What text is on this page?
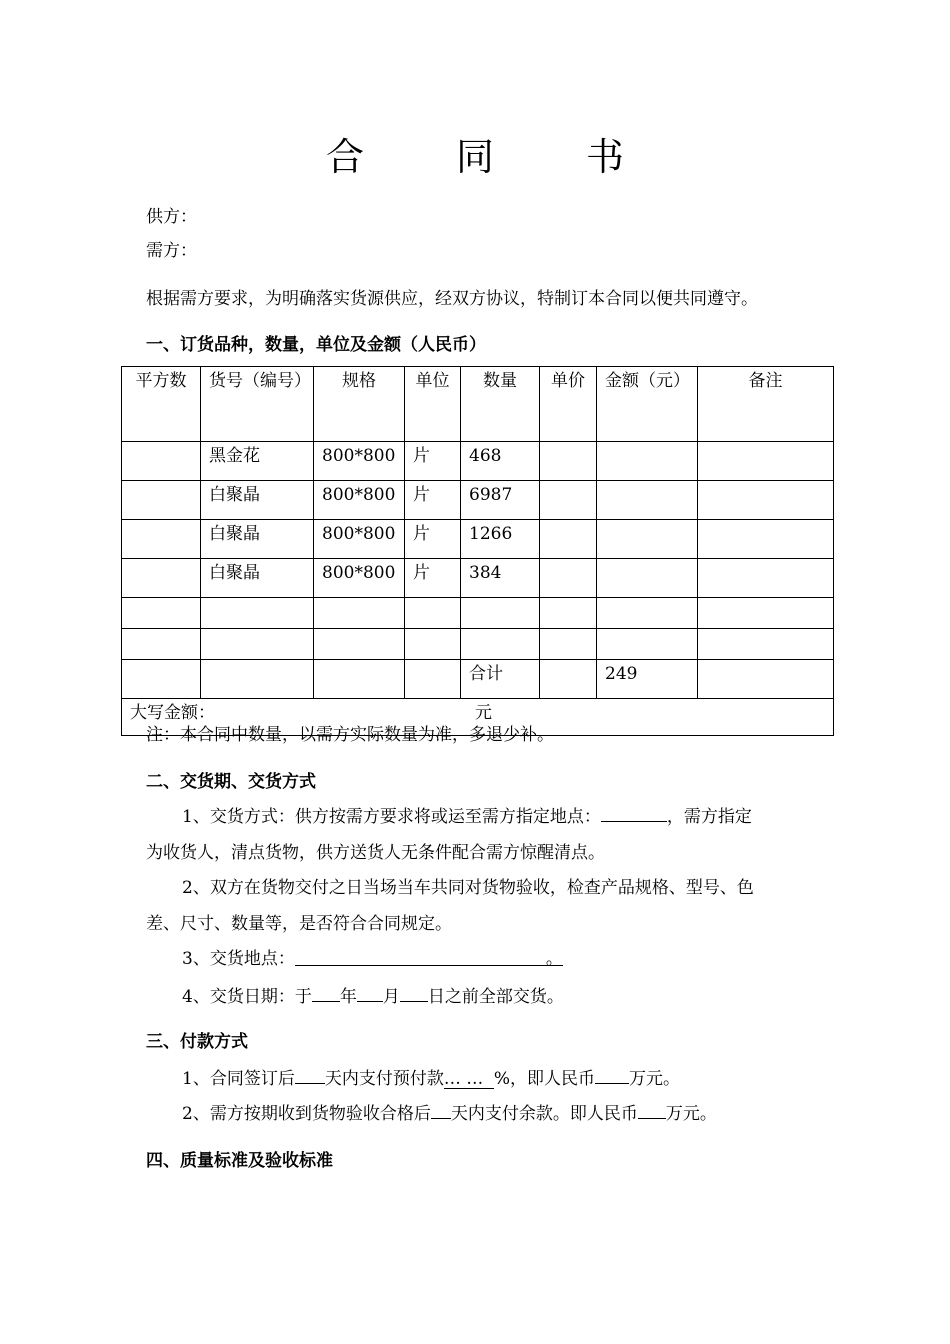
合 同 书
供方：
需方：
根据需方要求，为明确落实货源供应，经双方协议，特制订本合同以便共同遵守。
一、订货品种，数量，单位及金额（人民币）
平方数	货号（编号）	规格	单位	数量	单价	金额（元）	备注
	黑金花	800*800	片	468			
	白聚晶	800*800	片	6987			
	白聚晶	800*800	片	1266			
	白聚晶	800*800	片	384			

				合计		249	
大写金额： 元							
注：本合同中数量，以需方实际数量为准，多退少补。
二、交货期、交货方式
1、交货方式：供方按需方要求将或运至需方指定地点：	，需方指定
为收货人，清点货物，供方送货人无条件配合需方惊醒清点。
2、双方在货物交付之日当场当车共同对货物验收，检查产品规格、型号、色
差、尺寸、数量等，是否符合合同规定。
3、交货地点：	。
4、交货日期：于 年 月 日之前全部交货。
三、付款方式
1、合同签订后 天内支付预付款… … %，即人民币 万元。
2、需方按期收到货物验收合格后 天内支付余款。即人民币 万元。
四、质量标准及验收标准
